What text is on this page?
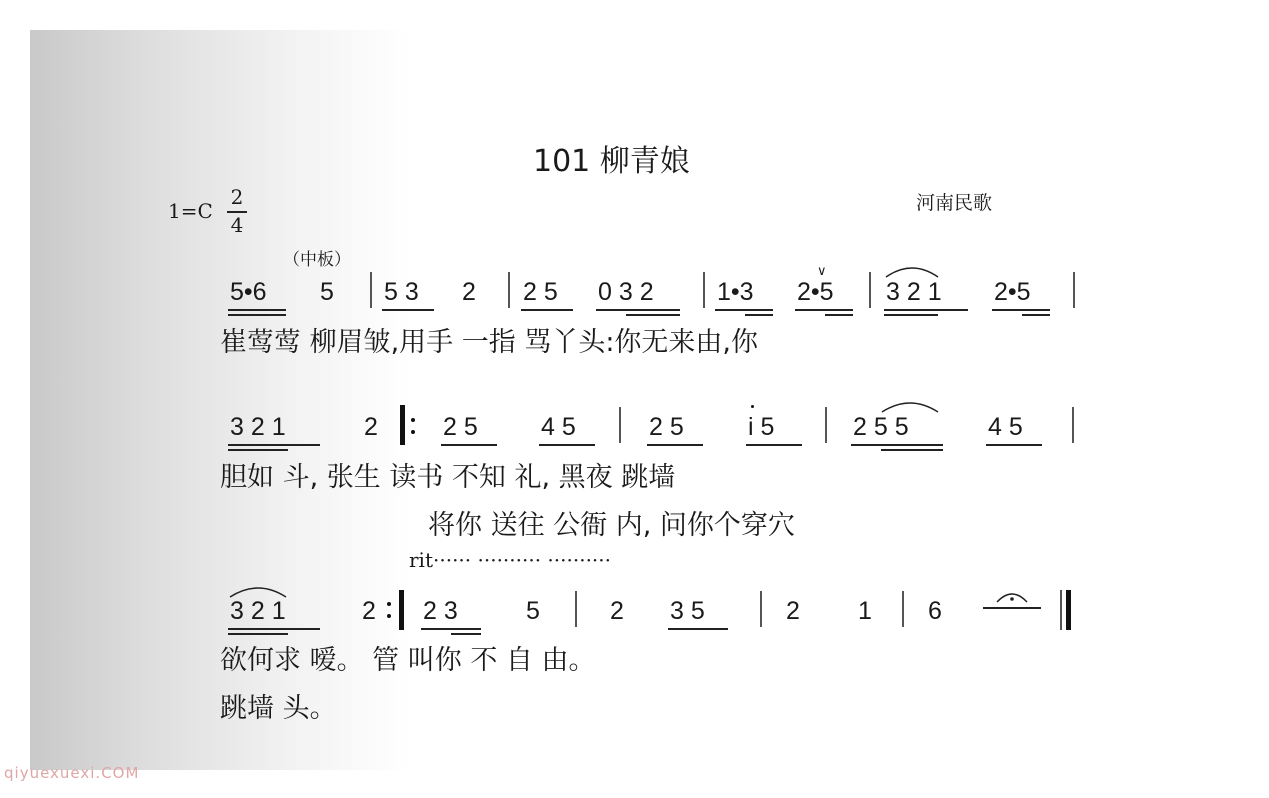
101 柳青娘
1=C
2
4
河南民歌
（中板）
5•6 5 5 3 2 2 5 0 3 2	1•3 2•5
∨
3 2 1 2•5
崔莺莺 柳眉皱,用手 一指 骂丫头:你无来由,你
3 2 1	2	2 5	4 5	2 5	i 5	2 5 5	4 5
胆如 斗, 张生 读书 不知 礼, 黑夜 跳墙
将你 送往 公衙 内, 问你个穿穴
rit······ ·········· ··········
3 2 1	2 2 3	5	2 3 5	2 1 6
欲何求 嗳。 管 叫你 不 自 由。
跳墙 头。
qiyuexuexi.COM
